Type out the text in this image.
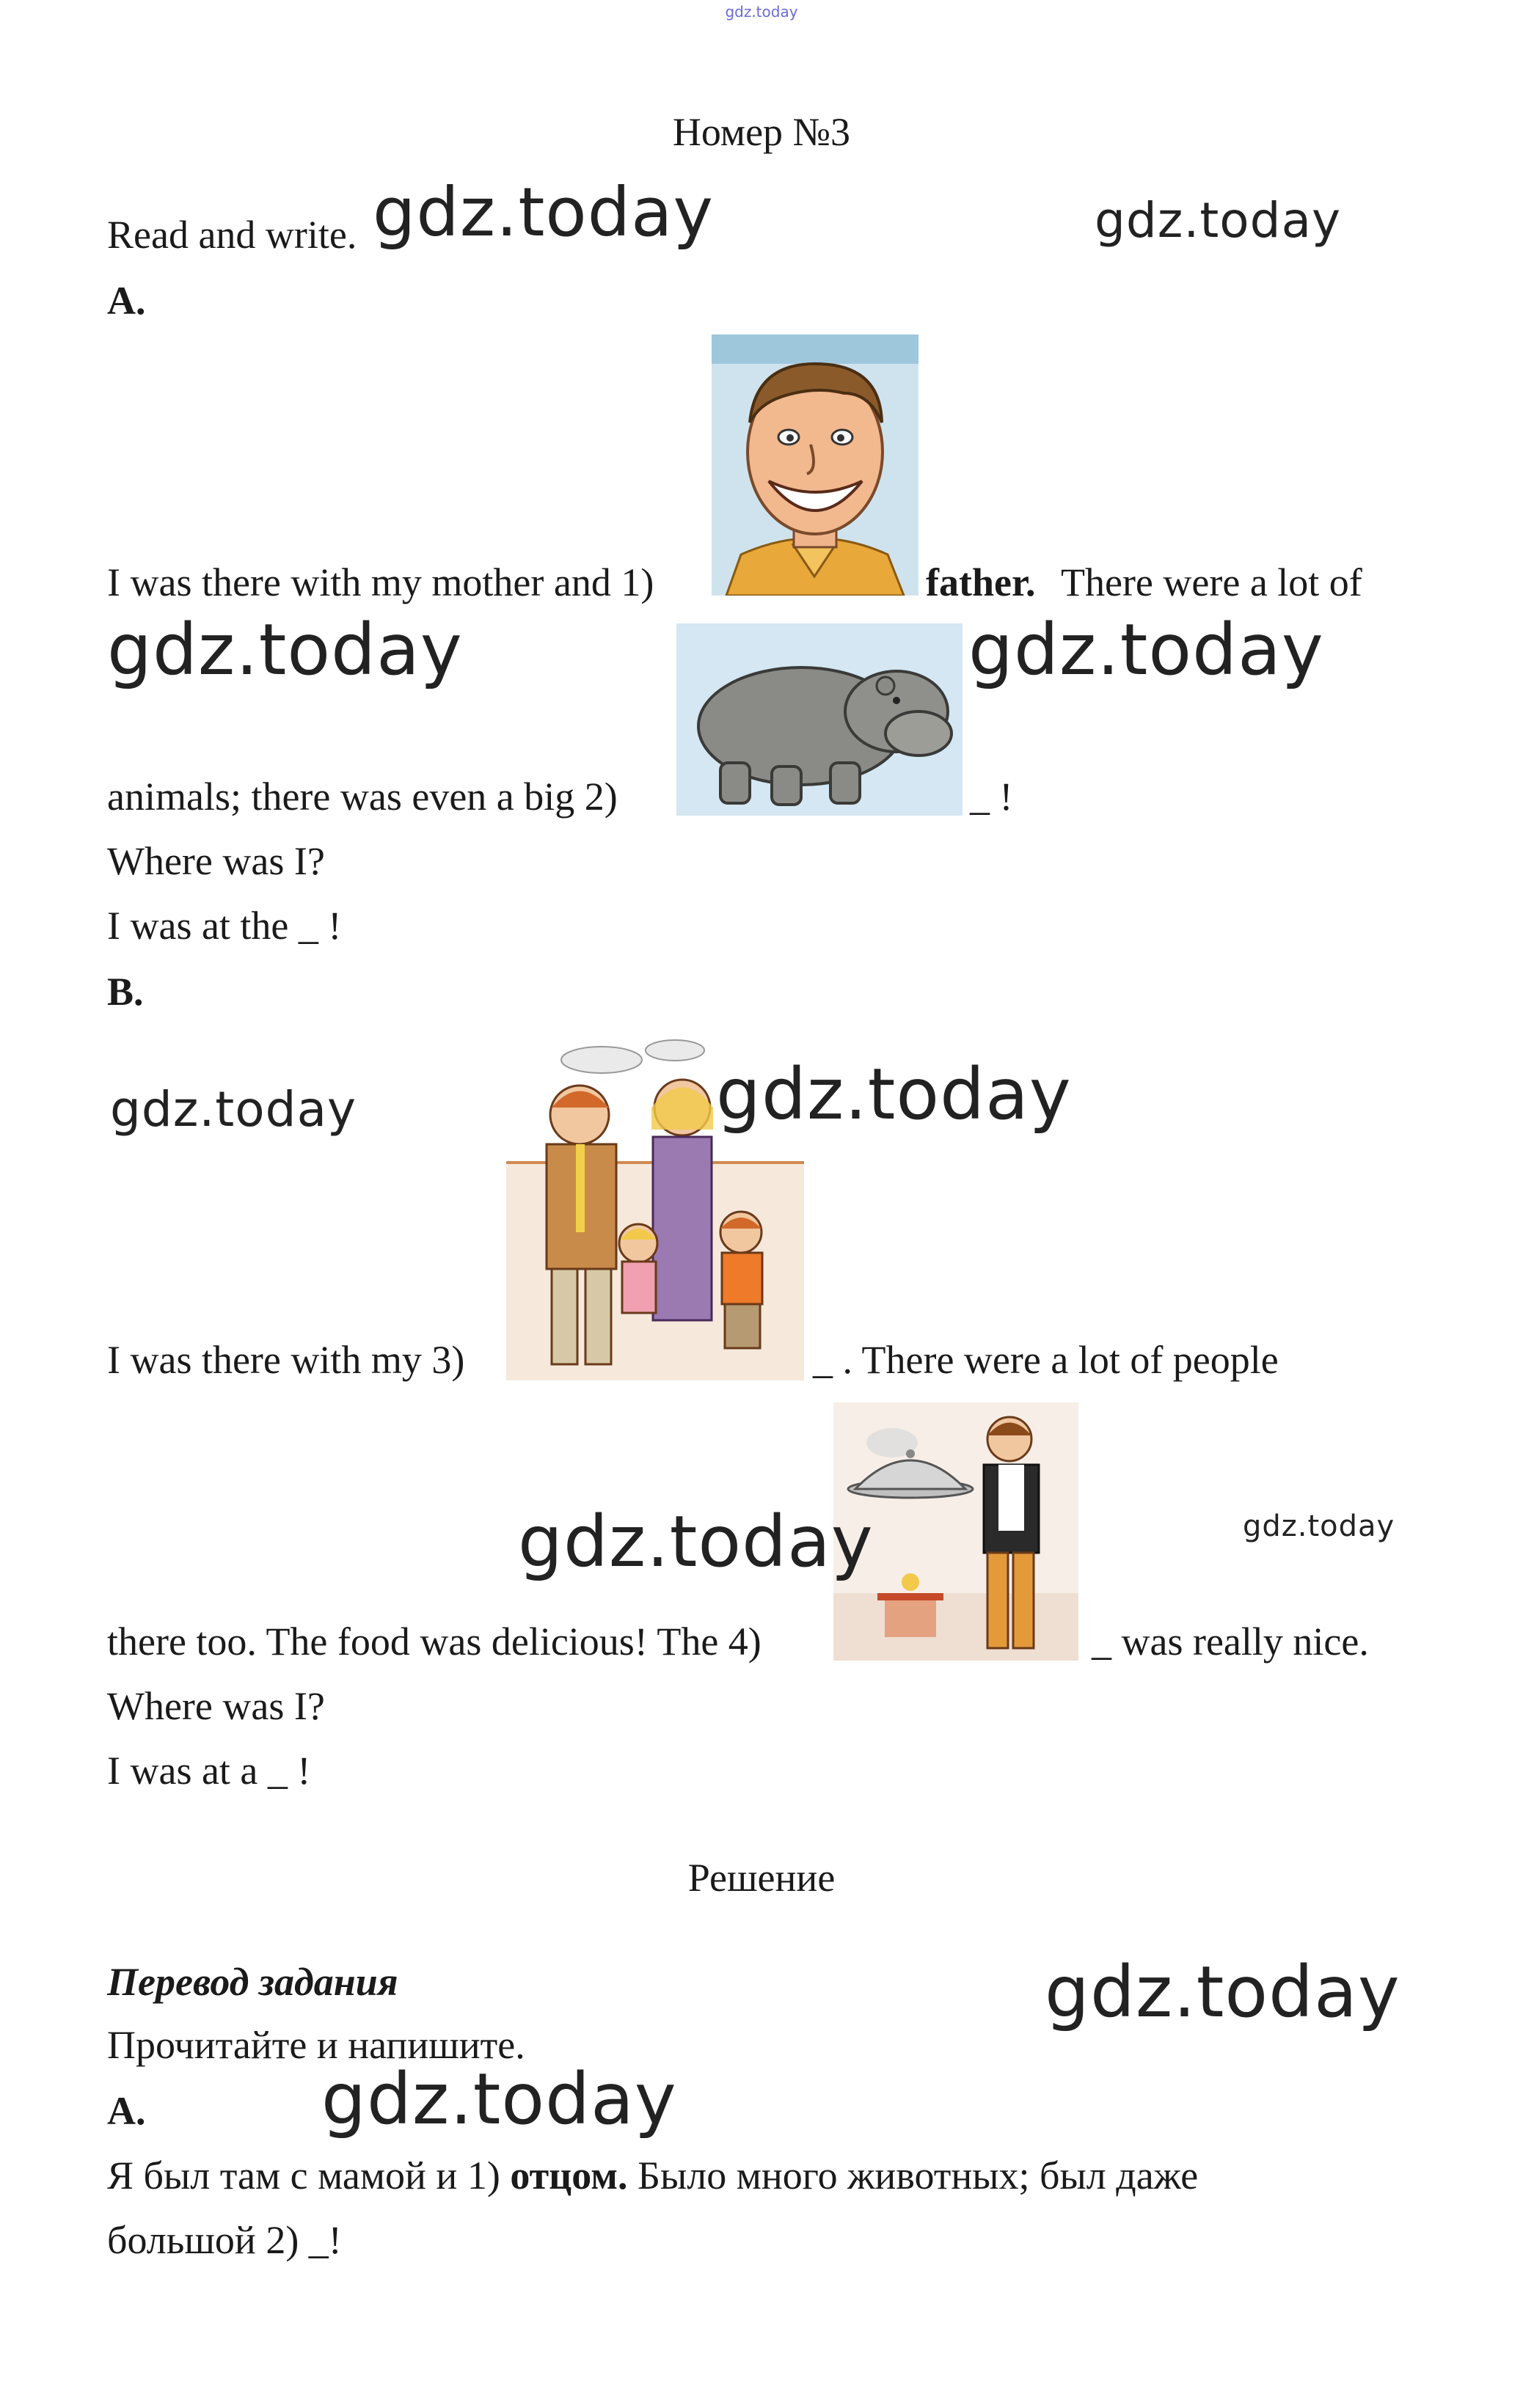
gdz.today
Номер №3
Read and write. gdz.today	gdz.today
A.
I was there with my mother and 1)	father. There were a lot of
gdz.today	gdz.today
animals; there was even a big 2)	_ !
Where was I?
I was at the _ !
B.
gdz.today	gdz.today
I was there with my 3)	_ . There were a lot of people
gdz.today	gdz.today
there too. The food was delicious! The 4)	_ was really nice.
Where was I?
I was at a _ !
Решение
Перевод задания	gdz.today
Прочитайте и напишите.
A. gdz.today
Я был там с мамой и 1) отцом. Было много животных; был даже
большой 2) _!
